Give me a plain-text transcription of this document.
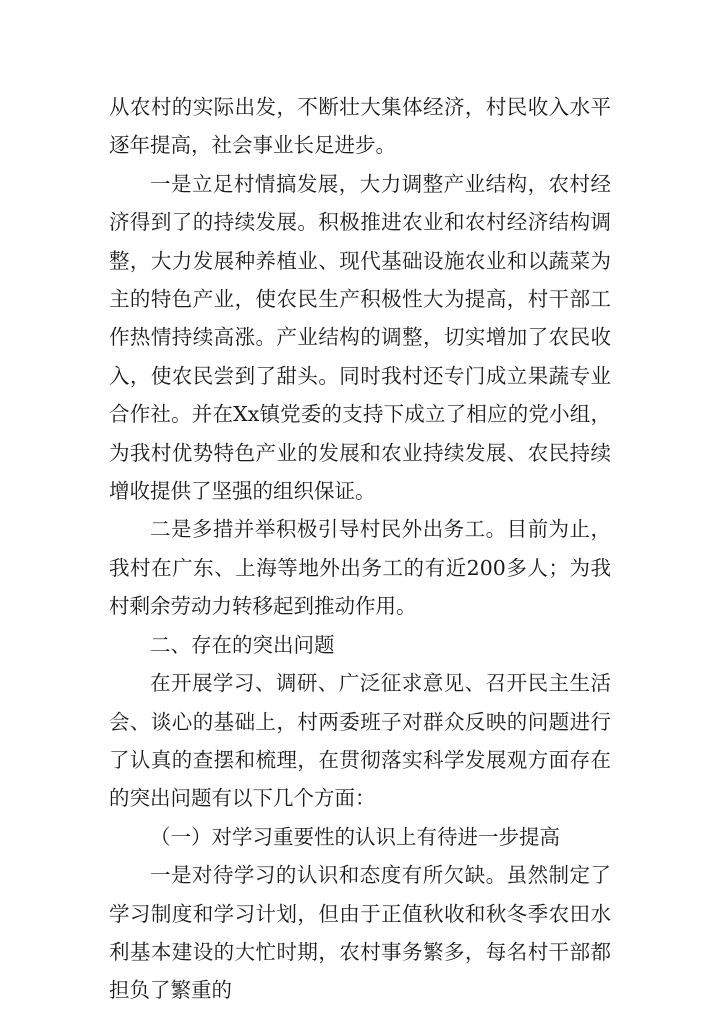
从农村的实际出发，不断壮大集体经济，村民收入水平逐年提高，社会事业长足进步。

一是立足村情搞发展，大力调整产业结构，农村经济得到了的持续发展。积极推进农业和农村经济结构调整，大力发展种养植业、现代基础设施农业和以蔬菜为主的特色产业，使农民生产积极性大为提高，村干部工作热情持续高涨。产业结构的调整，切实增加了农民收入，使农民尝到了甜头。同时我村还专门成立果蔬专业合作社。并在Xx镇党委的支持下成立了相应的党小组，为我村优势特色产业的发展和农业持续发展、农民持续增收提供了坚强的组织保证。

二是多措并举积极引导村民外出务工。目前为止，我村在广东、上海等地外出务工的有近200多人；为我村剩余劳动力转移起到推动作用。

二、存在的突出问题

在开展学习、调研、广泛征求意见、召开民主生活会、谈心的基础上，村两委班子对群众反映的问题进行了认真的查摆和梳理，在贯彻落实科学发展观方面存在的突出问题有以下几个方面：

（一）对学习重要性的认识上有待进一步提高

一是对待学习的认识和态度有所欠缺。虽然制定了学习制度和学习计划，但由于正值秋收和秋冬季农田水利基本建设的大忙时期，农村事务繁多，每名村干部都担负了繁重的
